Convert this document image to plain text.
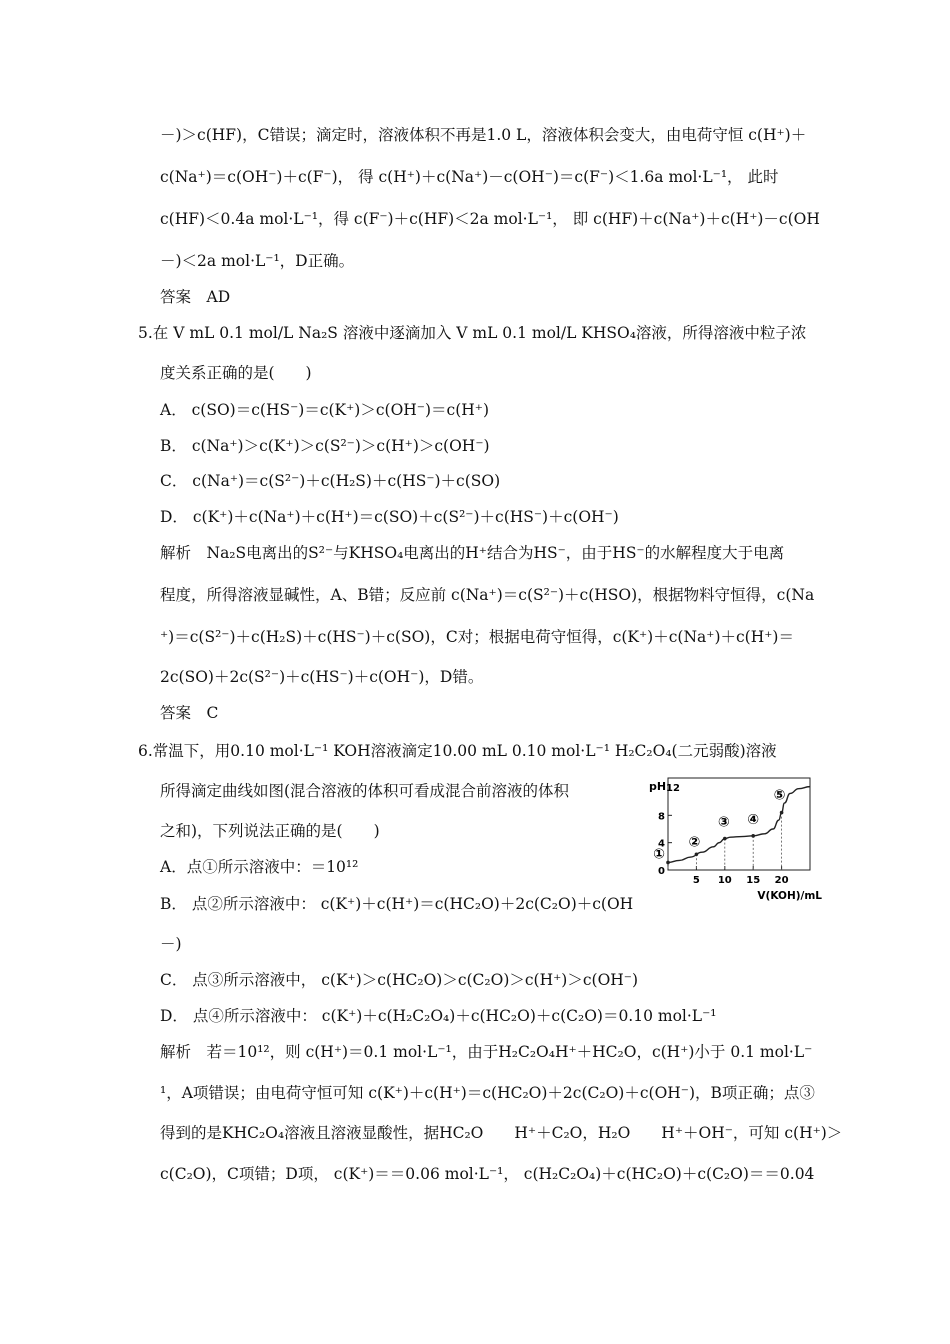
－)＞c(HF)，C错误；滴定时，溶液体积不再是1.0 L，溶液体积会变大，由电荷守恒 c(H⁺)＋
c(Na⁺)＝c(OH⁻)＋c(F⁻)， 得 c(H⁺)＋c(Na⁺)－c(OH⁻)＝c(F⁻)＜1.6a mol·L⁻¹， 此时
c(HF)＜0.4a mol·L⁻¹，得 c(F⁻)＋c(HF)＜2a mol·L⁻¹， 即 c(HF)＋c(Na⁺)＋c(H⁺)－c(OH
－)＜2a mol·L⁻¹，D正确。
答案　AD
5.在 V mL 0.1 mol/L Na₂S 溶液中逐滴加入 V mL 0.1 mol/L KHSO₄溶液，所得溶液中粒子浓
度关系正确的是(　　)
A． c(SO)＝c(HS⁻)＝c(K⁺)＞c(OH⁻)＝c(H⁺)
B． c(Na⁺)＞c(K⁺)＞c(S²⁻)＞c(H⁺)＞c(OH⁻)
C． c(Na⁺)＝c(S²⁻)＋c(H₂S)＋c(HS⁻)＋c(SO)
D． c(K⁺)＋c(Na⁺)＋c(H⁺)＝c(SO)＋c(S²⁻)＋c(HS⁻)＋c(OH⁻)
解析　Na₂S电离出的S²⁻与KHSO₄电离出的H⁺结合为HS⁻，由于HS⁻的水解程度大于电离
程度，所得溶液显碱性，A、B错；反应前 c(Na⁺)＝c(S²⁻)＋c(HSO)，根据物料守恒得，c(Na
⁺)＝c(S²⁻)＋c(H₂S)＋c(HS⁻)＋c(SO)，C对；根据电荷守恒得，c(K⁺)＋c(Na⁺)＋c(H⁺)＝
2c(SO)＋2c(S²⁻)＋c(HS⁻)＋c(OH⁻)，D错。
答案　C
6.常温下，用0.10 mol·L⁻¹ KOH溶液滴定10.00 mL 0.10 mol·L⁻¹ H₂C₂O₄(二元弱酸)溶液
所得滴定曲线如图(混合溶液的体积可看成混合前溶液的体积
之和)，下列说法正确的是(　　)
A．点①所示溶液中：＝10¹²
B． 点②所示溶液中： c(K⁺)＋c(H⁺)＝c(HC₂O)＋2c(C₂O)＋c(OH
－)
C． 点③所示溶液中， c(K⁺)＞c(HC₂O)＞c(C₂O)＞c(H⁺)＞c(OH⁻)
D． 点④所示溶液中： c(K⁺)＋c(H₂C₂O₄)＋c(HC₂O)＋c(C₂O)＝0.10 mol·L⁻¹
解析　若＝10¹²，则 c(H⁺)＝0.1 mol·L⁻¹，由于H₂C₂O₄H⁺＋HC₂O，c(H⁺)小于 0.1 mol·L⁻
¹，A项错误；由电荷守恒可知 c(K⁺)＋c(H⁺)＝c(HC₂O)＋2c(C₂O)＋c(OH⁻)，B项正确；点③
得到的是KHC₂O₄溶液且溶液显酸性，据HC₂O　　H⁺＋C₂O，H₂O　　H⁺＋OH⁻，可知 c(H⁺)＞
c(C₂O)，C项错；D项， c(K⁺)＝＝0.06 mol·L⁻¹， c(H₂C₂O₄)＋c(HC₂O)＋c(C₂O)＝＝0.04
pH
0
4
8
12
5 10 15 20
V(KOH)/mL
①
②
③ ④
⑤
